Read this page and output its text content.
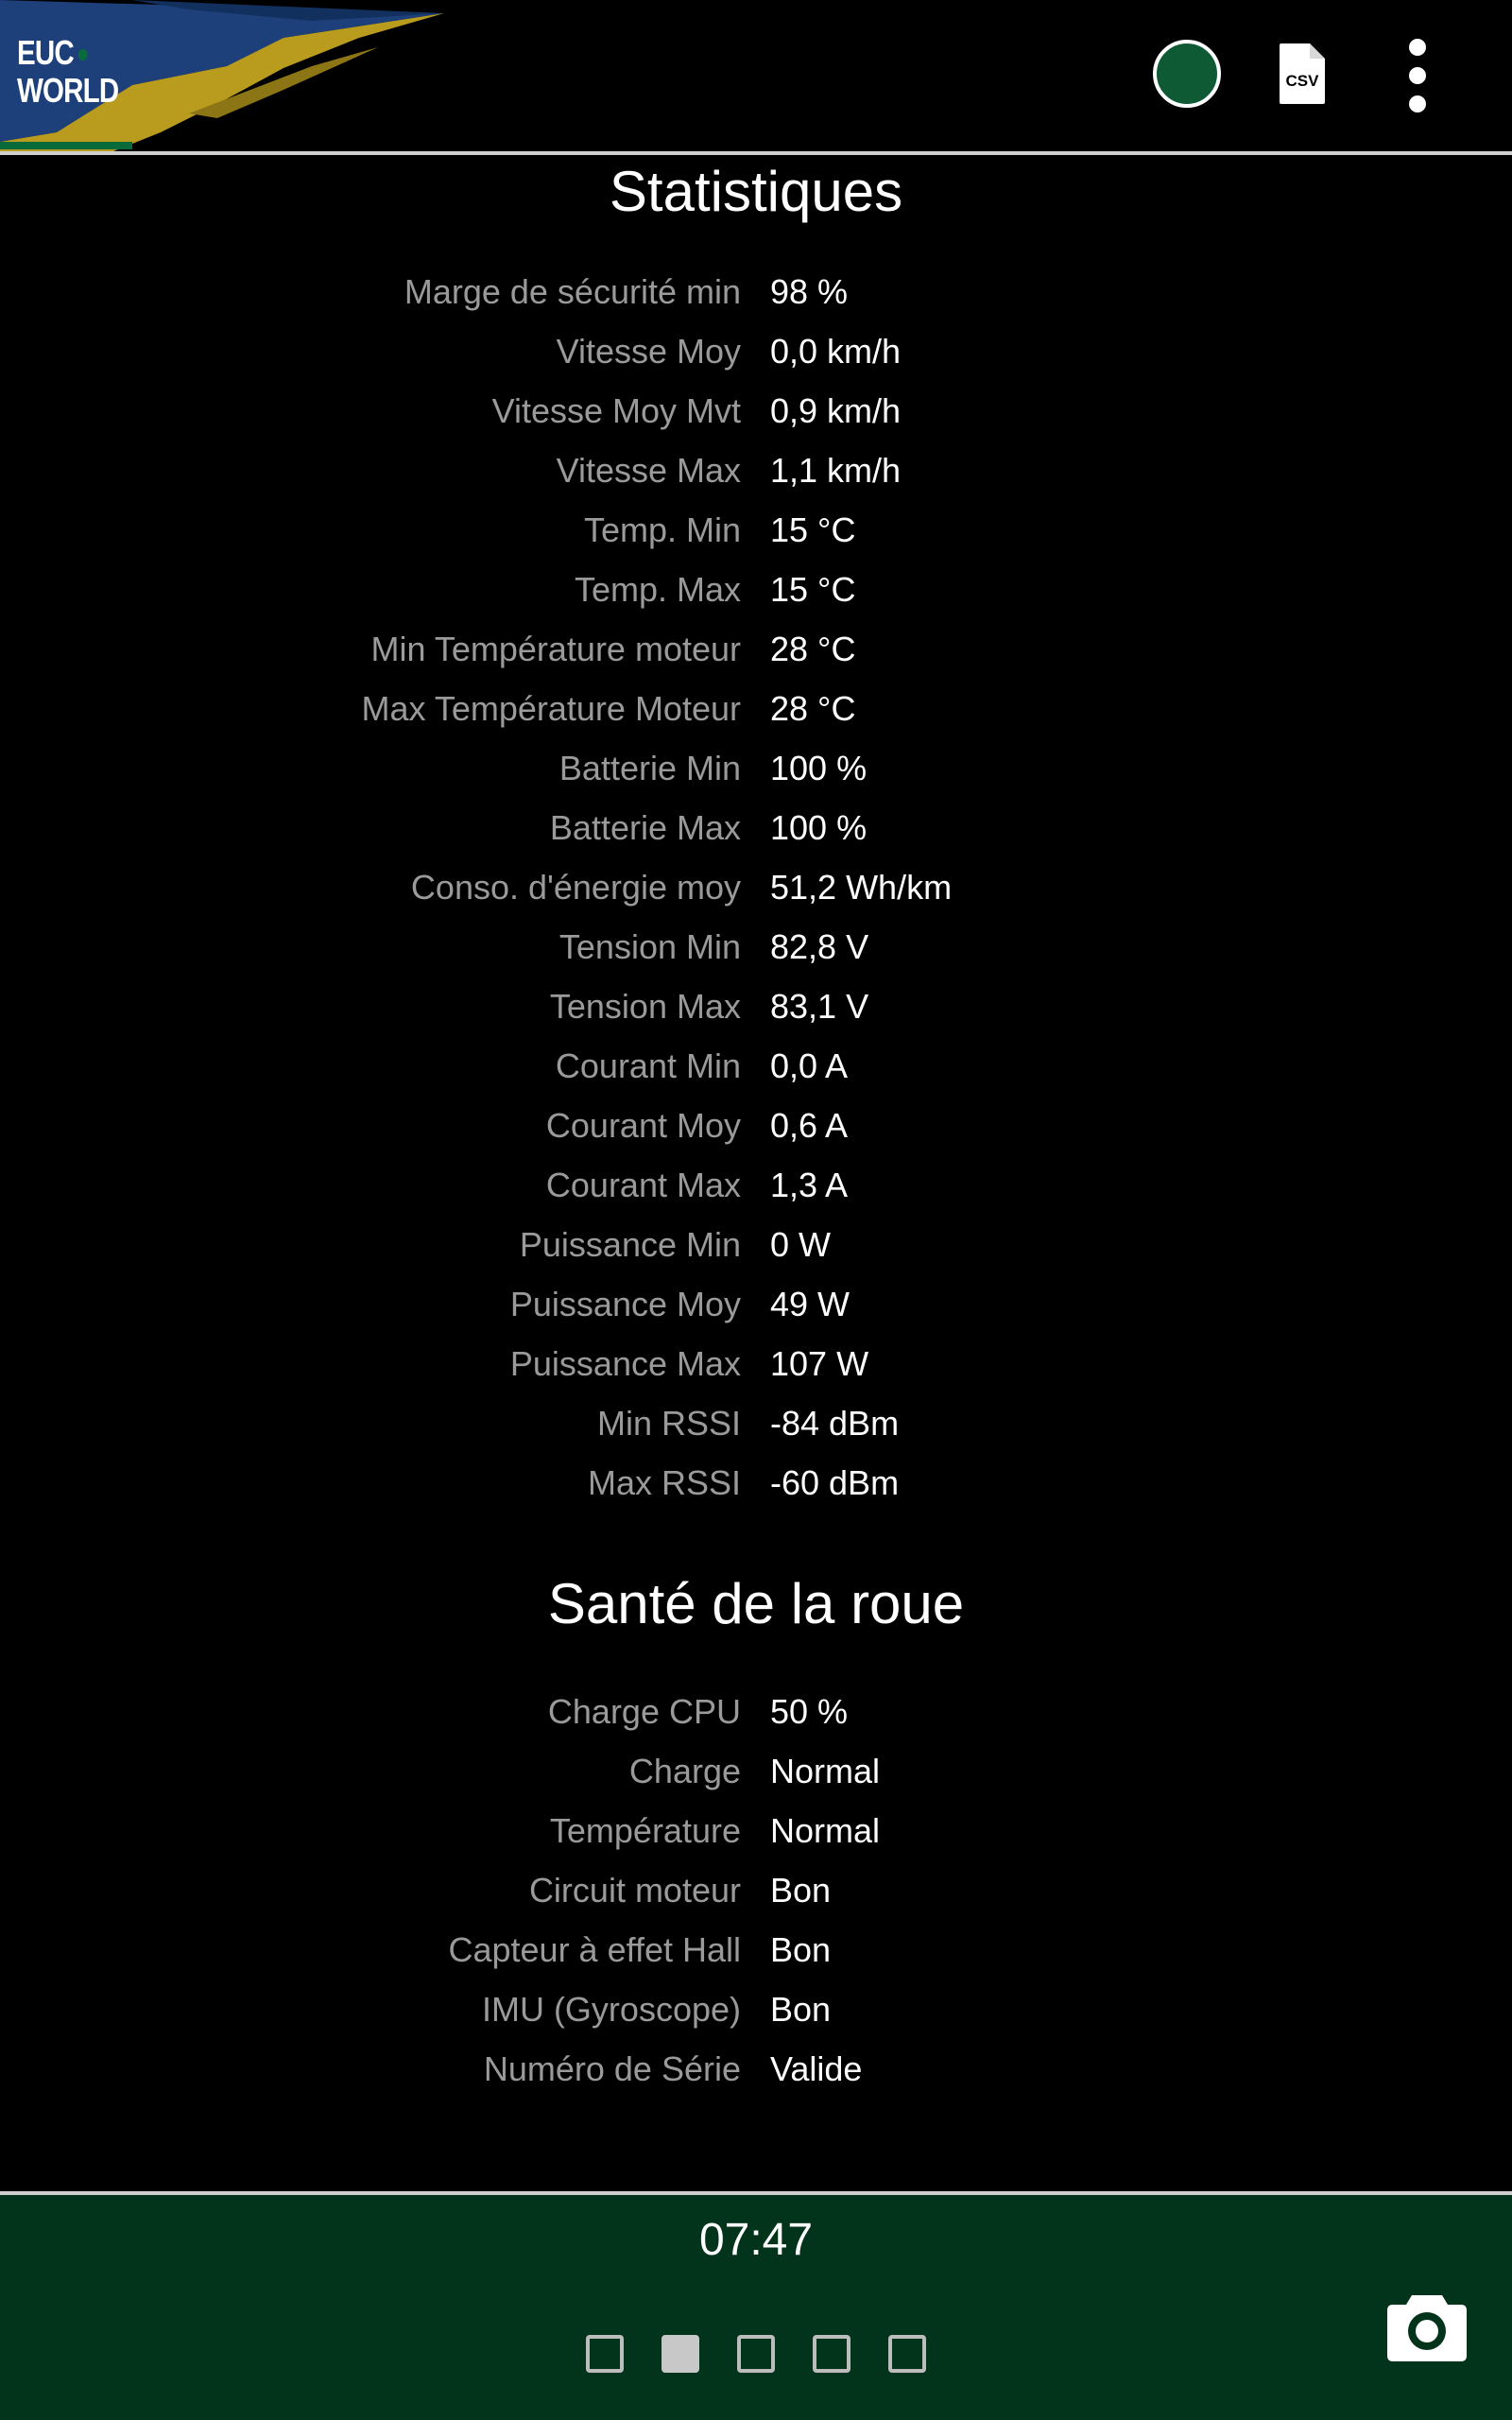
EUC
WORLD	CSV
Statistiques
Marge de sécurité min 98 %
Vitesse Moy 0,0 km/h
Vitesse Moy Mvt 0,9 km/h
Vitesse Max 1,1 km/h
Temp. Min 15 °C
Temp. Max 15 °C
Min Température moteur 28 °C
Max Température Moteur 28 °C
Batterie Min 100 %
Batterie Max 100 %
Conso. d'énergie moy 51,2 Wh/km
Tension Min 82,8 V
Tension Max 83,1 V
Courant Min 0,0 A
Courant Moy 0,6 A
Courant Max 1,3 A
Puissance Min 0 W
Puissance Moy 49 W
Puissance Max 107 W
Min RSSI -84 dBm
Max RSSI -60 dBm
Santé de la roue
Charge CPU 50 %
Charge Normal
Température Normal
Circuit moteur Bon
Capteur à effet Hall Bon
IMU (Gyroscope) Bon
Numéro de Série Valide
07:47
